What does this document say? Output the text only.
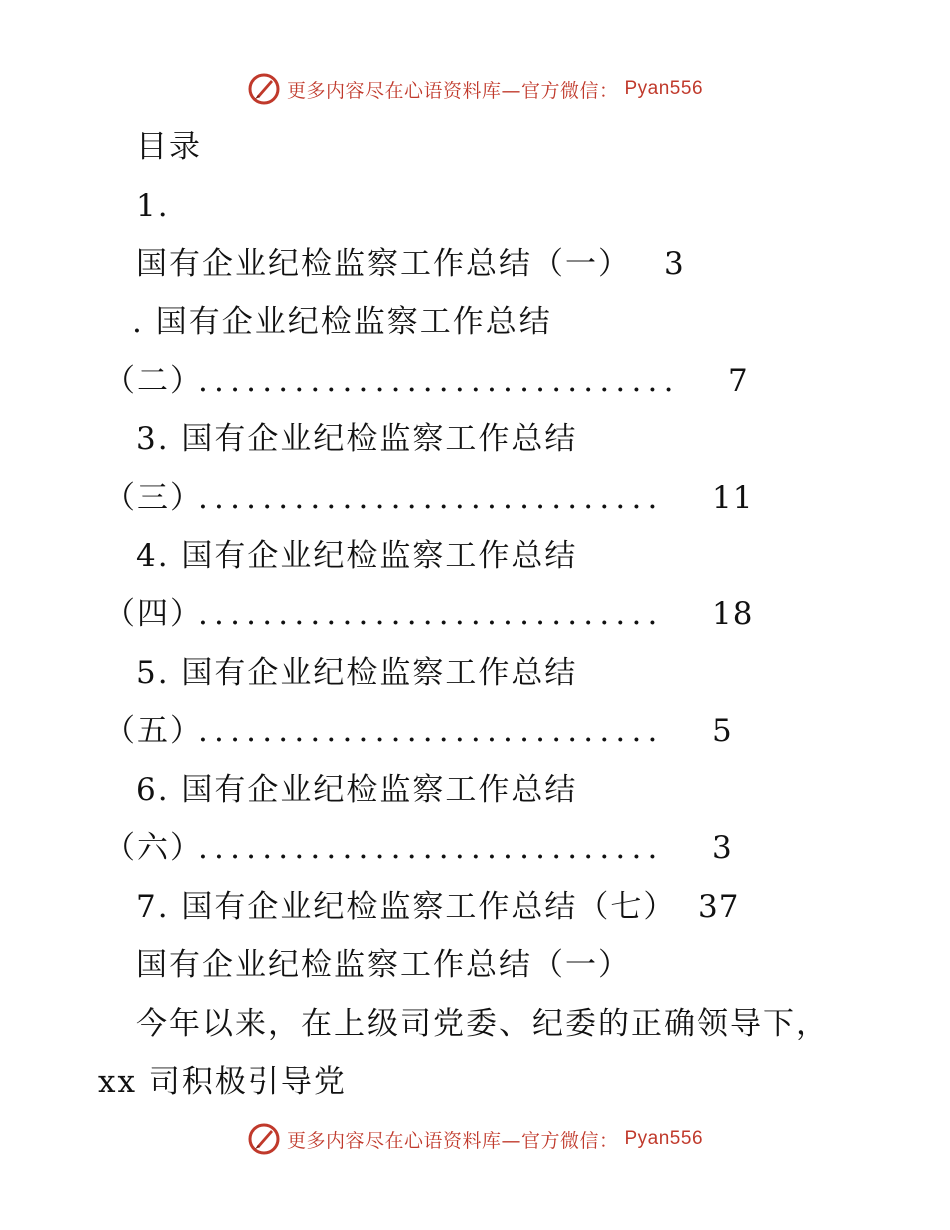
更多内容尽在心语资料库—官方微信： Pyan556
目录
1.
国有企业纪检监察工作总结（一） 3
. 国有企业纪检监察工作总结
（二）
.............................. 7
3. 国有企业纪检监察工作总结
（三）
............................. 11
4. 国有企业纪检监察工作总结
（四）
............................. 18
5. 国有企业纪检监察工作总结
（五）
............................. 5
6. 国有企业纪检监察工作总结
（六）
............................. 3
7. 国有企业纪检监察工作总结（七） 37
国有企业纪检监察工作总结（一）
今年以来，在上级司党委、纪委的正确领导下，
xx 司积极引导党
更多内容尽在心语资料库—官方微信： Pyan556
